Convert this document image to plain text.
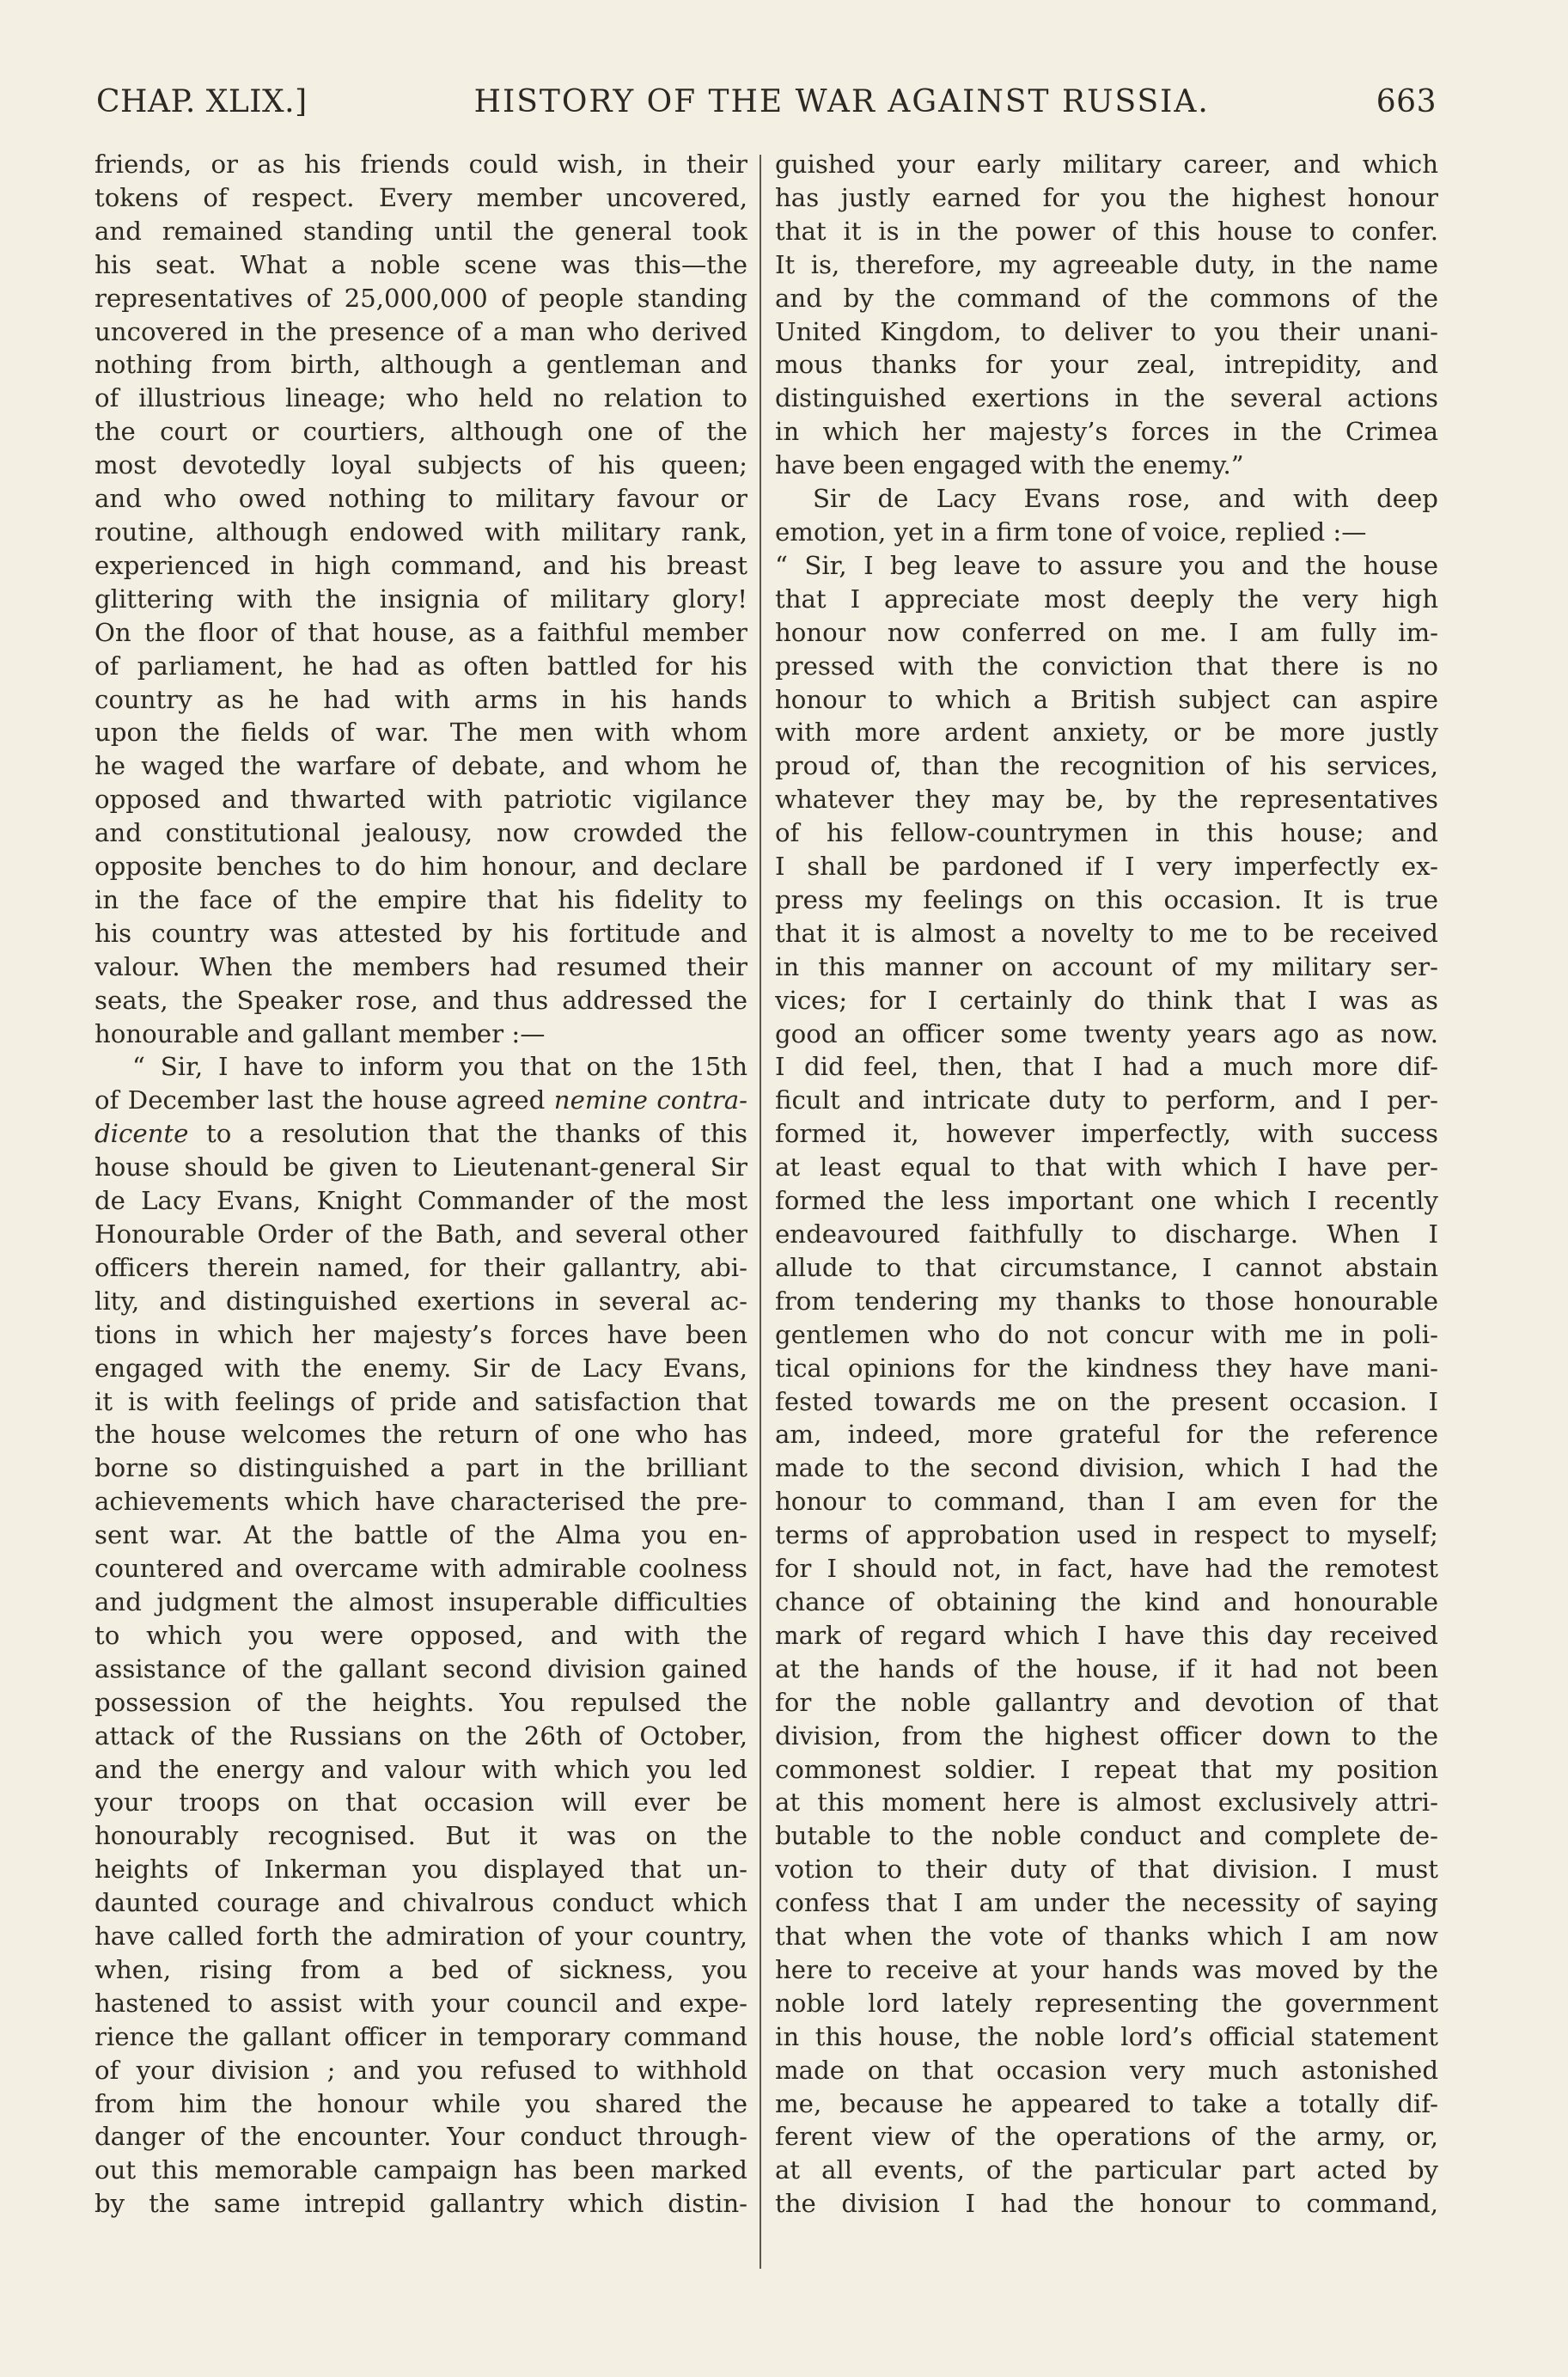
CHAP. XLIX.]	HISTORY OF THE WAR AGAINST RUSSIA.	663
friends, or as his friends could wish, in their
tokens of respect. Every member uncovered,
and remained standing until the general took
his seat. What a noble scene was this—the
representatives of 25,000,000 of people standing
uncovered in the presence of a man who derived
nothing from birth, although a gentleman and
of illustrious lineage; who held no relation to
the court or courtiers, although one of the
most devotedly loyal subjects of his queen;
and who owed nothing to military favour or
routine, although endowed with military rank,
experienced in high command, and his breast
glittering with the insignia of military glory!
On the floor of that house, as a faithful member
of parliament, he had as often battled for his
country as he had with arms in his hands
upon the fields of war. The men with whom
he waged the warfare of debate, and whom he
opposed and thwarted with patriotic vigilance
and constitutional jealousy, now crowded the
opposite benches to do him honour, and declare
in the face of the empire that his fidelity to
his country was attested by his fortitude and
valour. When the members had resumed their
seats, the Speaker rose, and thus addressed the
honourable and gallant member :—
“ Sir, I have to inform you that on the 15th
of December last the house agreed nemine contra-
dicente to a resolution that the thanks of this
house should be given to Lieutenant-general Sir
de Lacy Evans, Knight Commander of the most
Honourable Order of the Bath, and several other
officers therein named, for their gallantry, abi-
lity, and distinguished exertions in several ac-
tions in which her majesty’s forces have been
engaged with the enemy. Sir de Lacy Evans,
it is with feelings of pride and satisfaction that
the house welcomes the return of one who has
borne so distinguished a part in the brilliant
achievements which have characterised the pre-
sent war. At the battle of the Alma you en-
countered and overcame with admirable coolness
and judgment the almost insuperable difficulties
to which you were opposed, and with the
assistance of the gallant second division gained
possession of the heights. You repulsed the
attack of the Russians on the 26th of October,
and the energy and valour with which you led
your troops on that occasion will ever be
honourably recognised. But it was on the
heights of Inkerman you displayed that un-
daunted courage and chivalrous conduct which
have called forth the admiration of your country,
when, rising from a bed of sickness, you
hastened to assist with your council and expe-
rience the gallant officer in temporary command
of your division ; and you refused to withhold
from him the honour while you shared the
danger of the encounter. Your conduct through-
out this memorable campaign has been marked
by the same intrepid gallantry which distin-
guished your early military career, and which
has justly earned for you the highest honour
that it is in the power of this house to confer.
It is, therefore, my agreeable duty, in the name
and by the command of the commons of the
United Kingdom, to deliver to you their unani-
mous thanks for your zeal, intrepidity, and
distinguished exertions in the several actions
in which her majesty’s forces in the Crimea
have been engaged with the enemy.”
Sir de Lacy Evans rose, and with deep
emotion, yet in a firm tone of voice, replied :—
“ Sir, I beg leave to assure you and the house
that I appreciate most deeply the very high
honour now conferred on me. I am fully im-
pressed with the conviction that there is no
honour to which a British subject can aspire
with more ardent anxiety, or be more justly
proud of, than the recognition of his services,
whatever they may be, by the representatives
of his fellow-countrymen in this house; and
I shall be pardoned if I very imperfectly ex-
press my feelings on this occasion. It is true
that it is almost a novelty to me to be received
in this manner on account of my military ser-
vices; for I certainly do think that I was as
good an officer some twenty years ago as now.
I did feel, then, that I had a much more dif-
ficult and intricate duty to perform, and I per-
formed it, however imperfectly, with success
at least equal to that with which I have per-
formed the less important one which I recently
endeavoured faithfully to discharge. When I
allude to that circumstance, I cannot abstain
from tendering my thanks to those honourable
gentlemen who do not concur with me in poli-
tical opinions for the kindness they have mani-
fested towards me on the present occasion. I
am, indeed, more grateful for the reference
made to the second division, which I had the
honour to command, than I am even for the
terms of approbation used in respect to myself;
for I should not, in fact, have had the remotest
chance of obtaining the kind and honourable
mark of regard which I have this day received
at the hands of the house, if it had not been
for the noble gallantry and devotion of that
division, from the highest officer down to the
commonest soldier. I repeat that my position
at this moment here is almost exclusively attri-
butable to the noble conduct and complete de-
votion to their duty of that division. I must
confess that I am under the necessity of saying
that when the vote of thanks which I am now
here to receive at your hands was moved by the
noble lord lately representing the government
in this house, the noble lord’s official statement
made on that occasion very much astonished
me, because he appeared to take a totally dif-
ferent view of the operations of the army, or,
at all events, of the particular part acted by
the division I had the honour to command,
